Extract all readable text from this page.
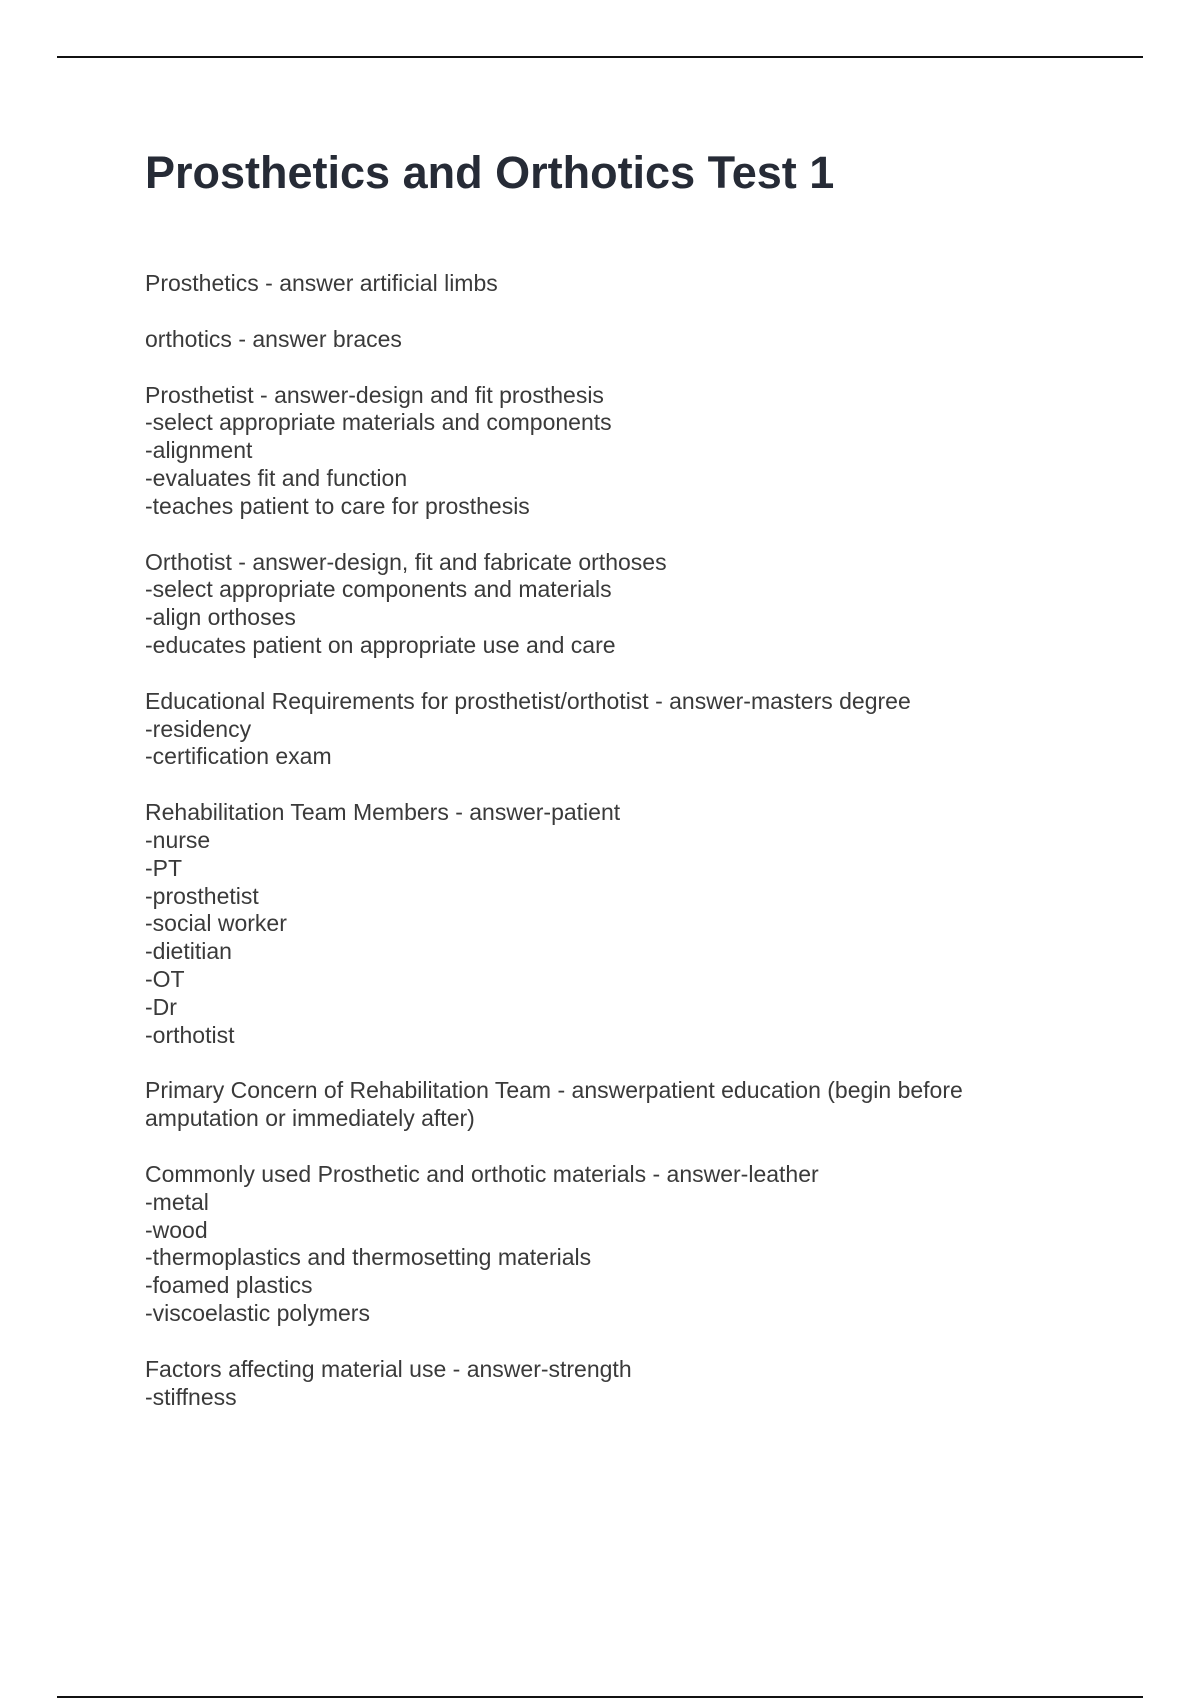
Prosthetics and Orthotics Test 1

Prosthetics - answer artificial limbs

orthotics - answer braces

Prosthetist - answer-design and fit prosthesis
-select appropriate materials and components
-alignment
-evaluates fit and function
-teaches patient to care for prosthesis

Orthotist - answer-design, fit and fabricate orthoses
-select appropriate components and materials
-align orthoses
-educates patient on appropriate use and care

Educational Requirements for prosthetist/orthotist - answer-masters degree
-residency
-certification exam

Rehabilitation Team Members - answer-patient
-nurse
-PT
-prosthetist
-social worker
-dietitian
-OT
-Dr
-orthotist

Primary Concern of Rehabilitation Team - answerpatient education (begin before
amputation or immediately after)

Commonly used Prosthetic and orthotic materials - answer-leather
-metal
-wood
-thermoplastics and thermosetting materials
-foamed plastics
-viscoelastic polymers

Factors affecting material use - answer-strength
-stiffness
